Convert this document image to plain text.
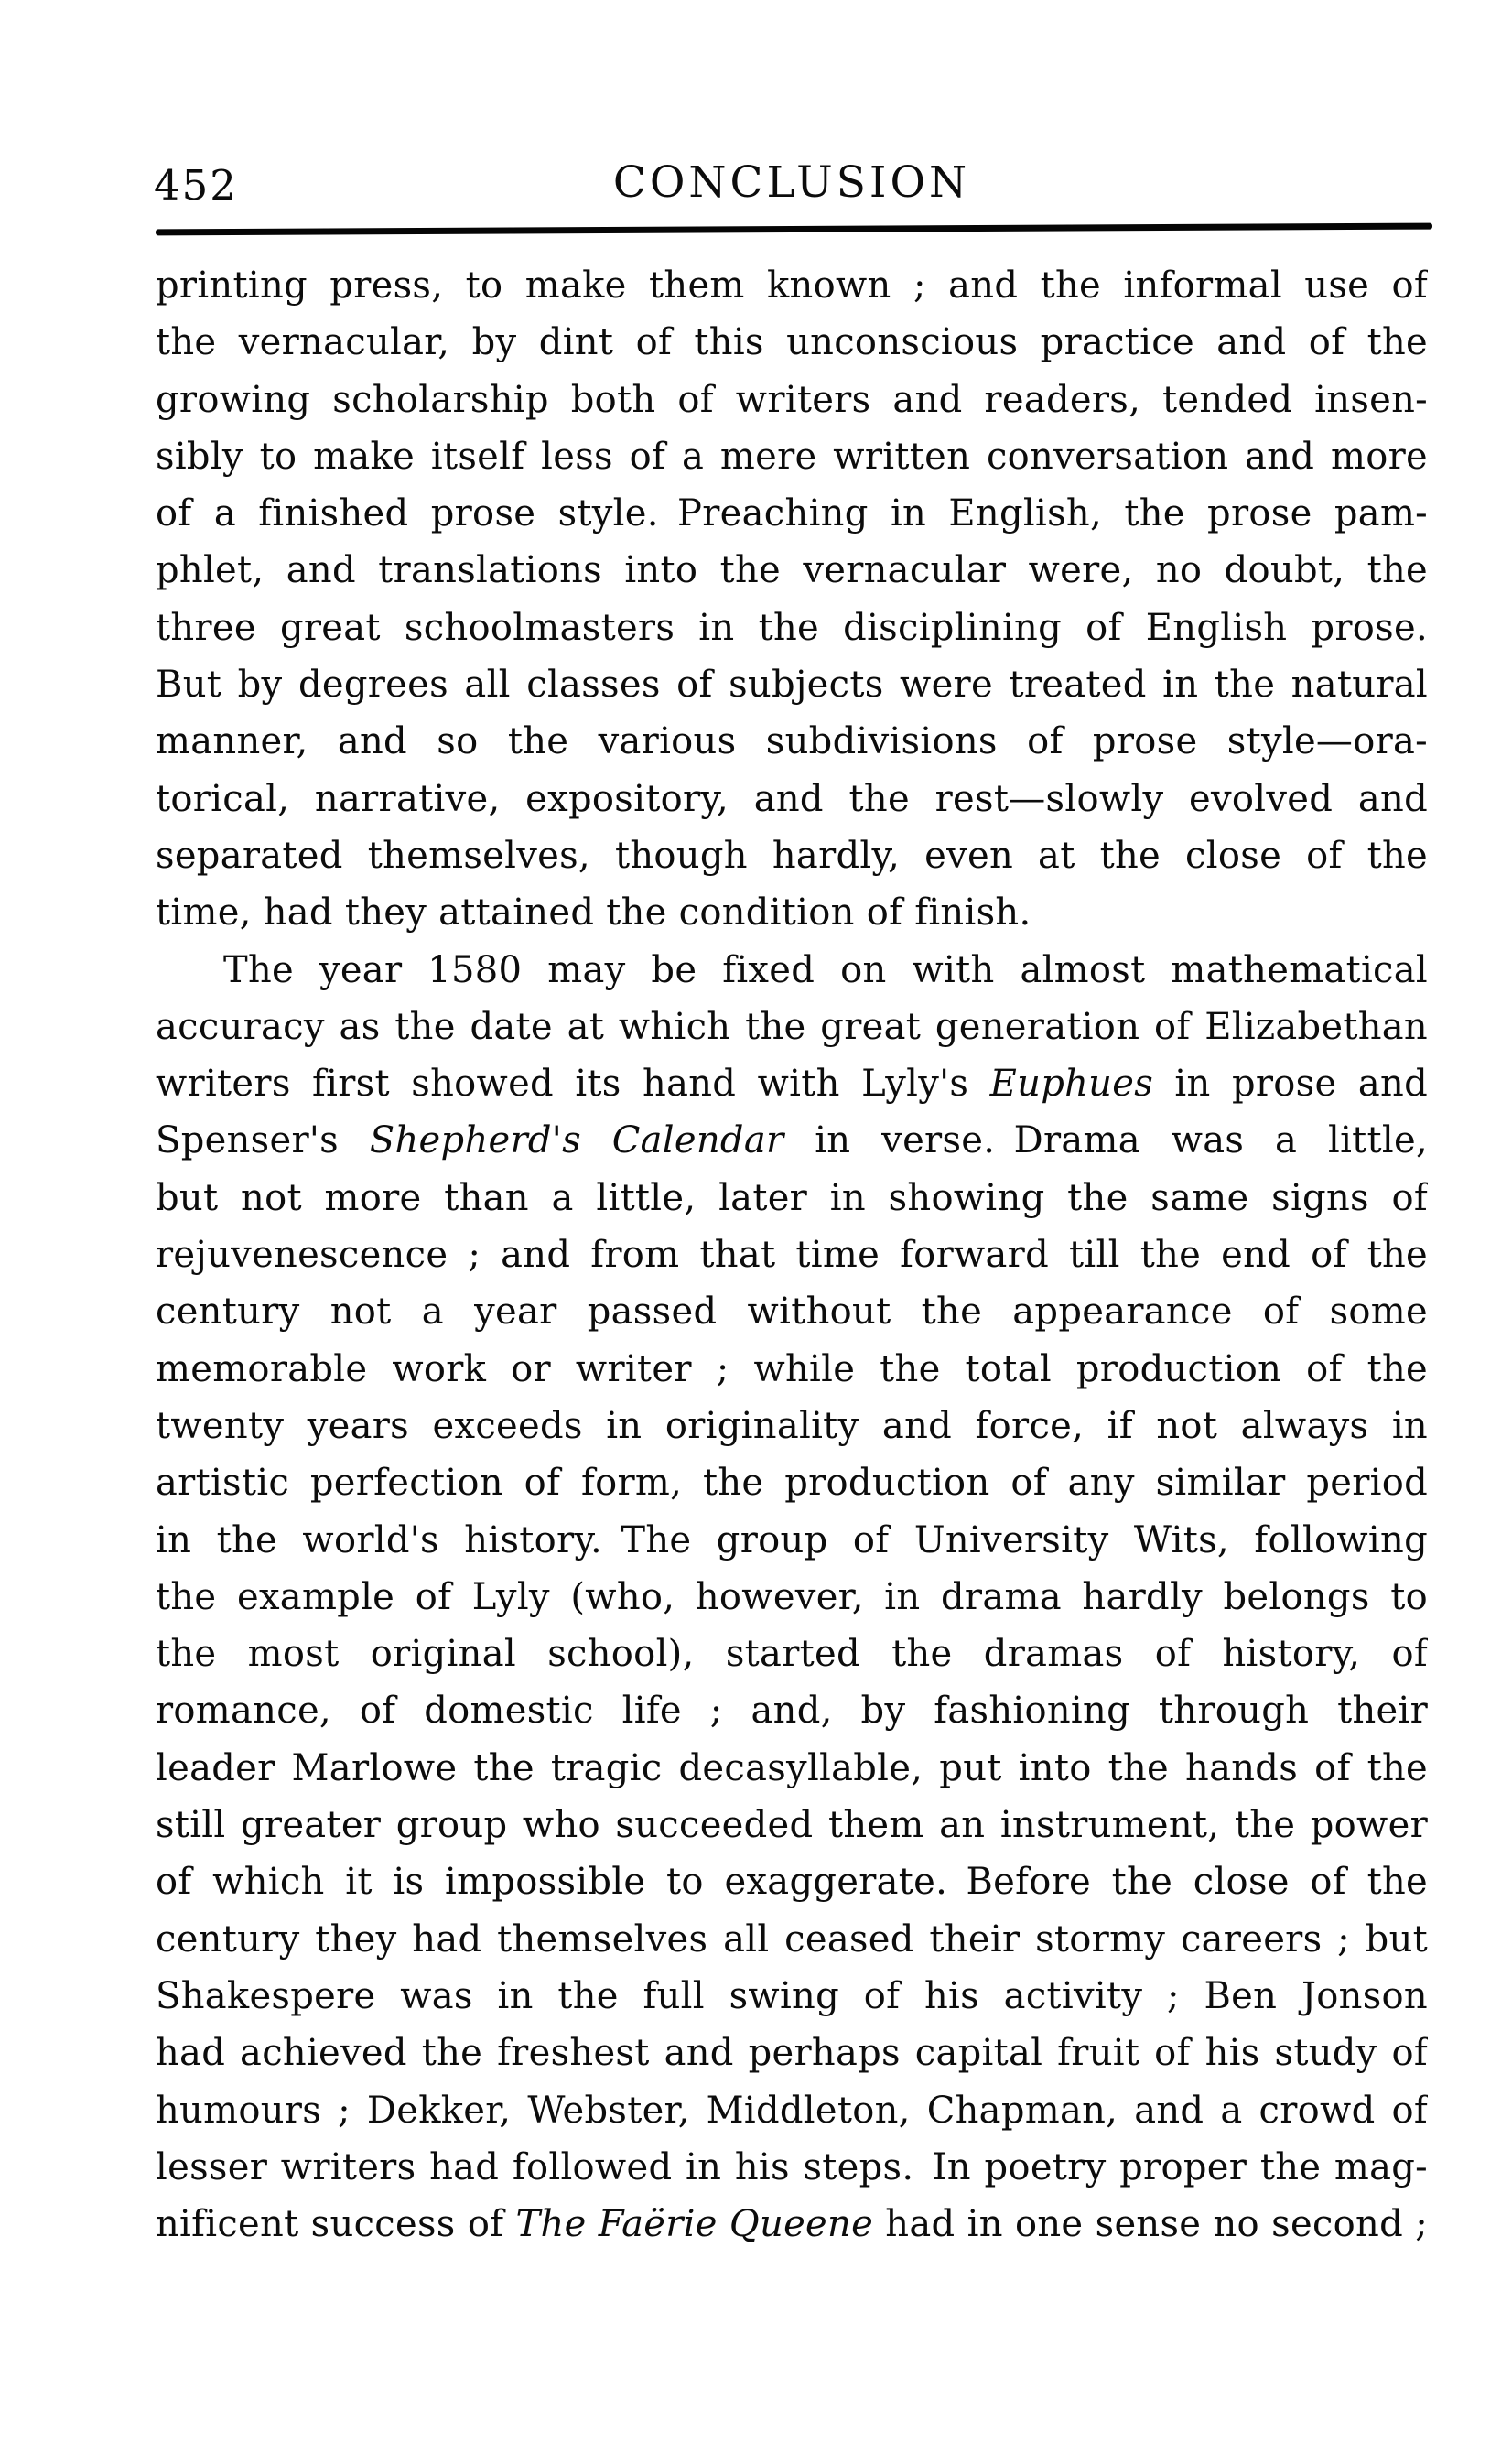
452	CONCLUSION
printing press, to make them known ; and the informal use of
the vernacular, by dint of this unconscious practice and of the
growing scholarship both of writers and readers, tended insen-
sibly to make itself less of a mere written conversation and more
of a finished prose style. Preaching in English, the prose pam-
phlet, and translations into the vernacular were, no doubt, the
three great schoolmasters in the disciplining of English prose.
But by degrees all classes of subjects were treated in the natural
manner, and so the various subdivisions of prose style—ora-
torical, narrative, expository, and the rest—slowly evolved and
separated themselves, though hardly, even at the close of the
time, had they attained the condition of finish.
The year 1580 may be fixed on with almost mathematical
accuracy as the date at which the great generation of Elizabethan
writers first showed its hand with Lyly's Euphues in prose and
Spenser's Shepherd's Calendar in verse. Drama was a little,
but not more than a little, later in showing the same signs of
rejuvenescence ; and from that time forward till the end of the
century not a year passed without the appearance of some
memorable work or writer ; while the total production of the
twenty years exceeds in originality and force, if not always in
artistic perfection of form, the production of any similar period
in the world's history. The group of University Wits, following
the example of Lyly (who, however, in drama hardly belongs to
the most original school), started the dramas of history, of
romance, of domestic life ; and, by fashioning through their
leader Marlowe the tragic decasyllable, put into the hands of the
still greater group who succeeded them an instrument, the power
of which it is impossible to exaggerate. Before the close of the
century they had themselves all ceased their stormy careers ; but
Shakespere was in the full swing of his activity ; Ben Jonson
had achieved the freshest and perhaps capital fruit of his study of
humours ; Dekker, Webster, Middleton, Chapman, and a crowd of
lesser writers had followed in his steps. In poetry proper the mag-
nificent success of The Faërie Queene had in one sense no second ;
